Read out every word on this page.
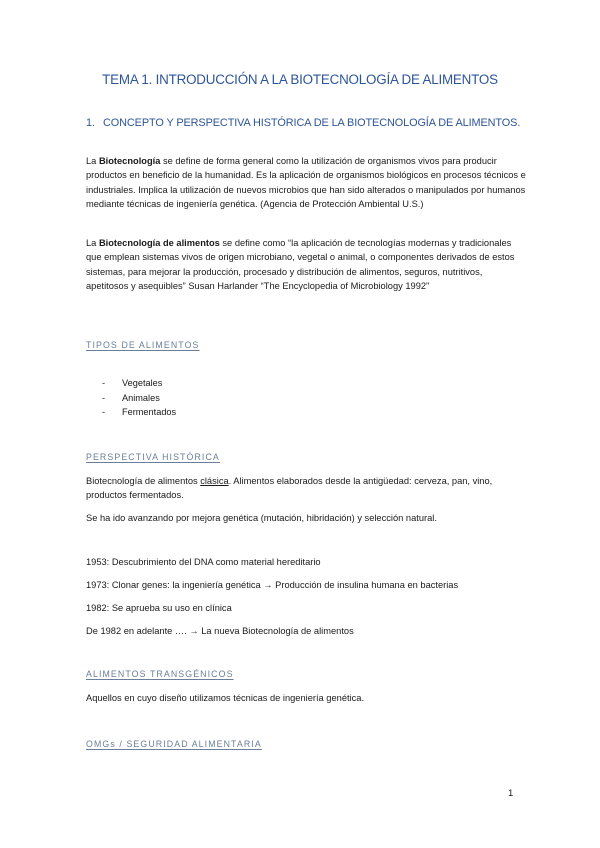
TEMA 1. INTRODUCCIÓN A LA BIOTECNOLOGÍA DE ALIMENTOS
1. CONCEPTO Y PERSPECTIVA HISTÓRICA DE LA BIOTECNOLOGÍA DE ALIMENTOS.

La Biotecnología se define de forma general como la utilización de organismos vivos para producir productos en beneficio de la humanidad. Es la aplicación de organismos biológicos en procesos técnicos e industriales. Implica la utilización de nuevos microbios que han sido alterados o manipulados por humanos mediante técnicas de ingeniería genética. (Agencia de Protección Ambiental U.S.)

La Biotecnología de alimentos se define como “la aplicación de tecnologías modernas y tradicionales que emplean sistemas vivos de origen microbiano, vegetal o animal, o componentes derivados de estos sistemas, para mejorar la producción, procesado y distribución de alimentos, seguros, nutritivos, apetitosos y asequibles” Susan Harlander “The Encyclopedia of Microbiology 1992”

TIPOS DE ALIMENTOS
-	Vegetales
-	Animales
-	Fermentados
PERSPECTIVA HISTÓRICA

Biotecnología de alimentos clásica. Alimentos elaborados desde la antigüedad: cerveza, pan, vino, productos fermentados.

Se ha ido avanzando por mejora genética (mutación, hibridación) y selección natural.

1953: Descubrimiento del DNA como material hereditario
1973: Clonar genes: la ingeniería genética → Producción de insulina humana en bacterias
1982: Se aprueba su uso en clínica
De 1982 en adelante …. → La nueva Biotecnología de alimentos
ALIMENTOS TRANSGÉNICOS
Aquellos en cuyo diseño utilizamos técnicas de ingeniería genética.
OMGs / SEGURIDAD ALIMENTARIA
1
